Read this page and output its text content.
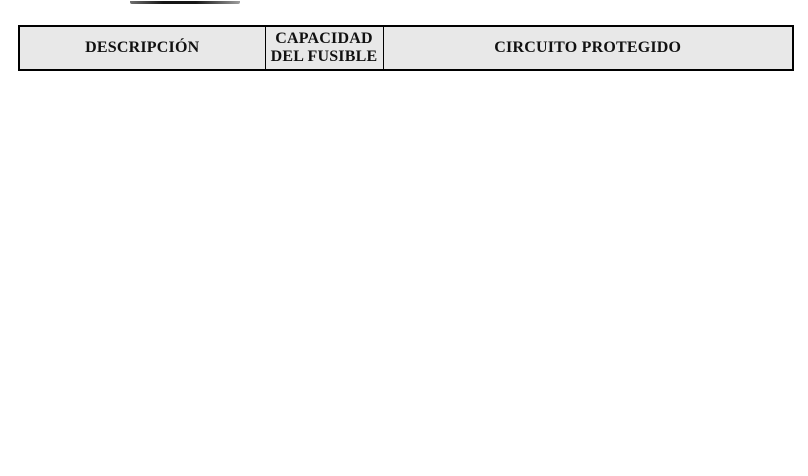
DESCRIPCIÓN	CAPACIDAD DEL FUSIBLE	CIRCUITO PROTEGIDO
